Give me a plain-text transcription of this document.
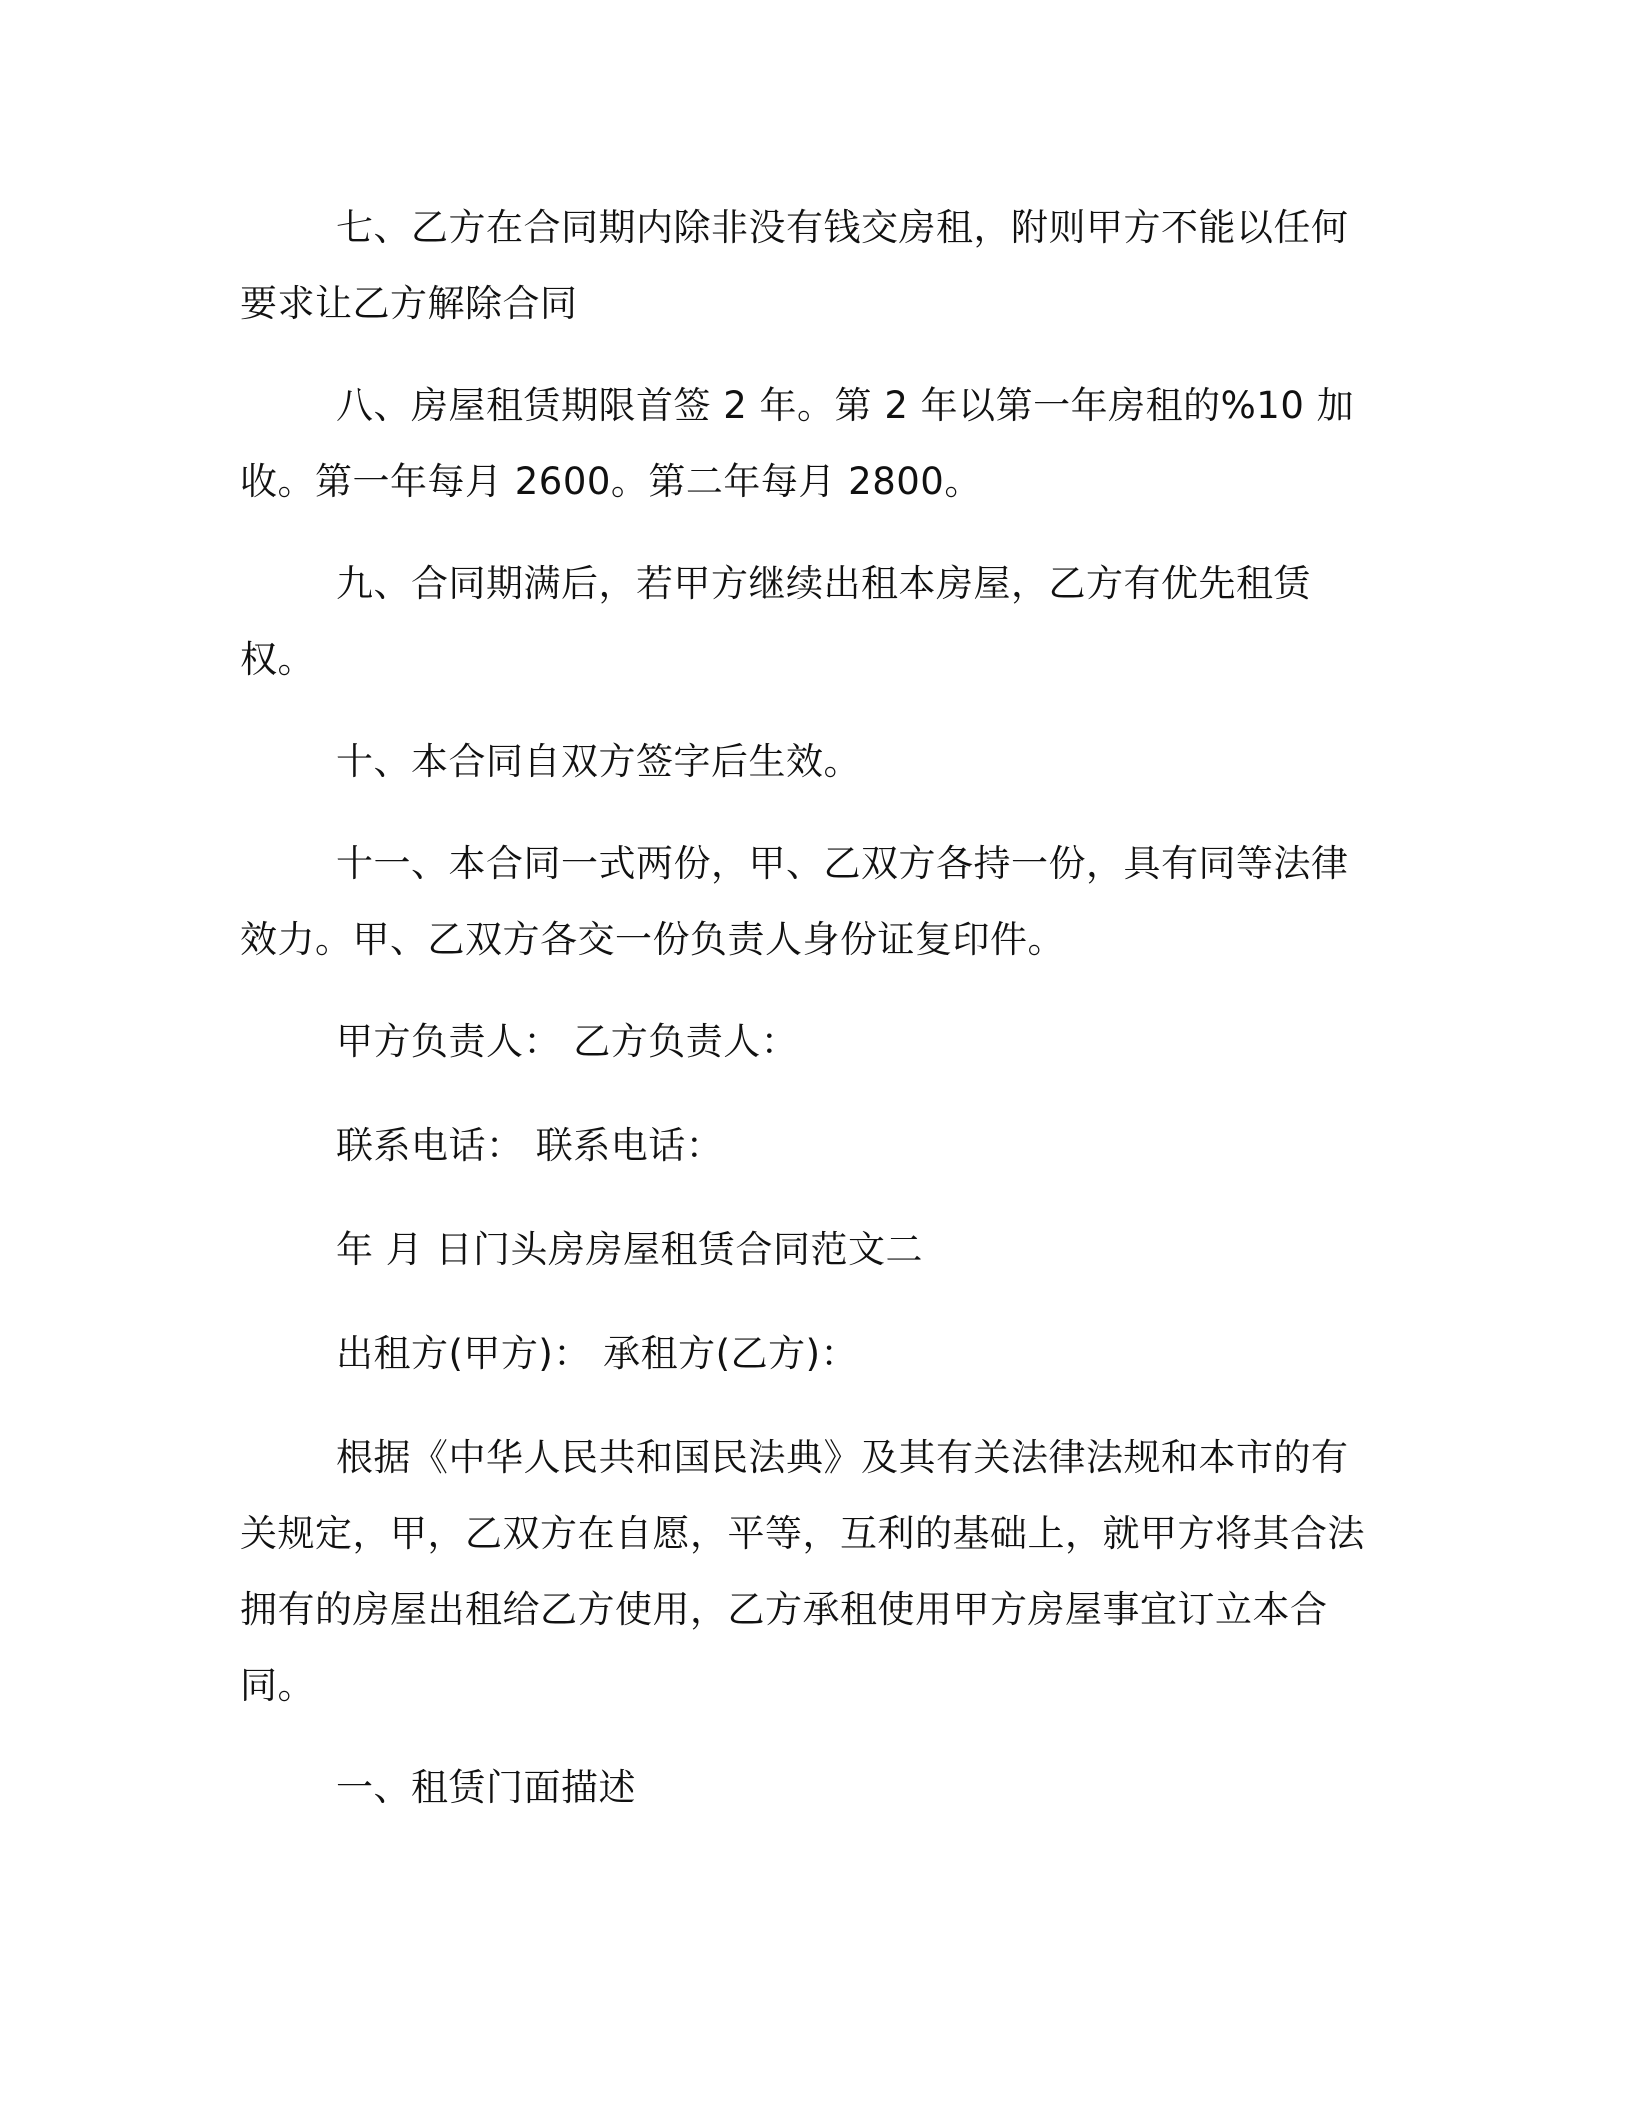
七、乙方在合同期内除非没有钱交房租，附则甲方不能以任何要求让乙方解除合同

八、房屋租赁期限首签 2 年。第 2 年以第一年房租的%10 加收。第一年每月 2600。第二年每月 2800。

九、合同期满后，若甲方继续出租本房屋，乙方有优先租赁权。

十、本合同自双方签字后生效。

十一、本合同一式两份，甲、乙双方各持一份，具有同等法律效力。甲、乙双方各交一份负责人身份证复印件。

甲方负责人： 乙方负责人：

联系电话： 联系电话：

年 月 日门头房房屋租赁合同范文二

出租方(甲方)： 承租方(乙方)：

根据《中华人民共和国民法典》及其有关法律法规和本市的有关规定，甲，乙双方在自愿，平等，互利的基础上，就甲方将其合法拥有的房屋出租给乙方使用，乙方承租使用甲方房屋事宜订立本合同。

一、租赁门面描述
